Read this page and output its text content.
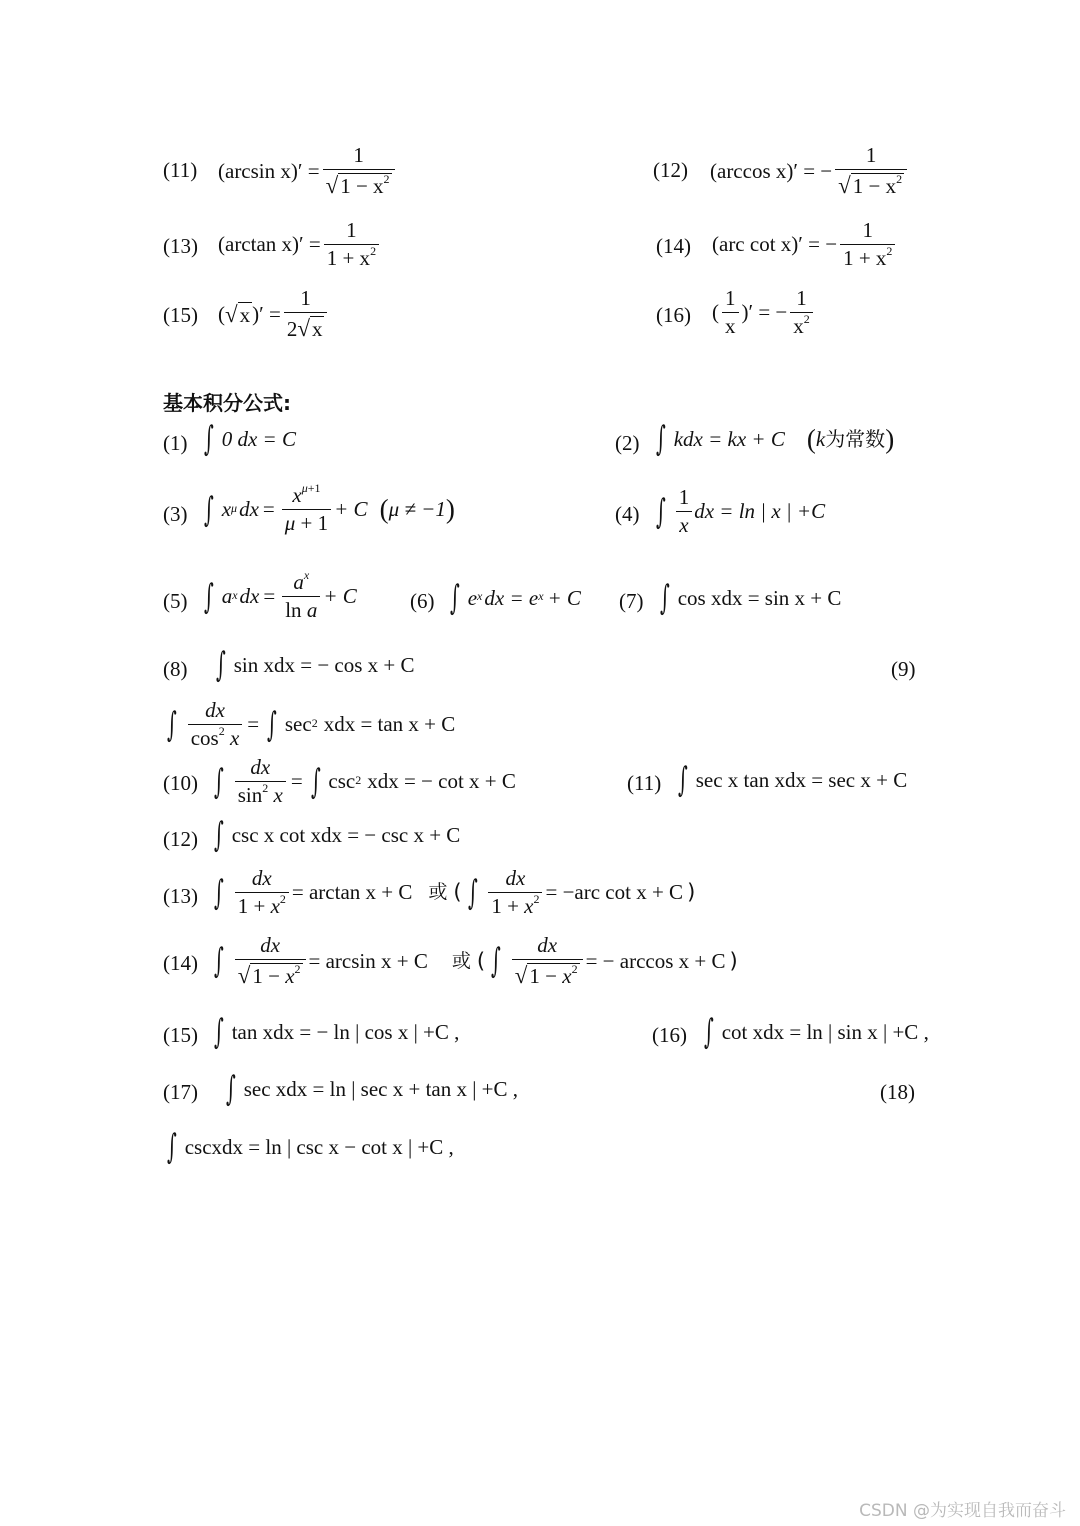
(11) (arcsin $x)' = \frac{1}{√ 1 - x^2}$	(12) (arccos x)′ = − $\frac{1}{√ 1 - x^2}$
(13) (arctan $x)' = \frac{1}{1 + x^2}$	(14) (arc cot x)′ = − $\frac{1}{1 + x^2}$
(15) ( √ x )′ = $\frac{1}{2 √ x}$	(16) ( $\frac{1}{x}$ )′ = − $\frac{1}{x^2}$
基本积分公式:
(1) ∫ 0 dx = C	(2) ∫ kdx = kx + C ( k 为常数 )
(3) ∫ x $^\mu$ dx = $\frac{x^{\mu+1}}{\mu + 1} + C$ ( μ ≠ −1 )	(4) ∫ $\frac{1}{x}$ dx = ln | x | +C
(5) ∫ a $^x$ dx = $\frac{a^x}{\text{ln a}} + C$	(6) ∫ e $^x$ dx = e $^x$ + C (7) ∫ cos xdx = sin x + C
(8) ∫ sin xdx = − cos x + C	(9)
∫ $\frac{dx}{\cos^2 x}$ = ∫ $\sec^2$ xdx = tan x + C
(10) ∫ $\frac{dx}{\sin^2 x}$ = ∫ $\csc^2$ xdx = − cot x + C	(11) ∫ sec x tan xdx = sec x + C
(12) ∫ csc x cot xdx = − csc x + C
(13) ∫ $\frac{dx}{1 + x^2} = \arctan x + C$ 或 ( ∫ $\frac{dx}{1 + x^2} = -arc$ cot x + C )
(14) ∫ $\frac{dx}{√ 1 - x^2} = \arcsin x + C$ 或 ( ∫ $\frac{dx}{√ 1 - x^2}$ = − arccos x + C )
(15) ∫ tan xdx = − ln | cos x | +C ,	(16) ∫ cot xdx = ln | sin x | +C ,
(17) ∫ sec xdx = ln | sec x + tan x | +C ,	(18)
∫ cscxdx = ln | csc x − cot x | +C ,
CSDN @为实现自我而奋斗
